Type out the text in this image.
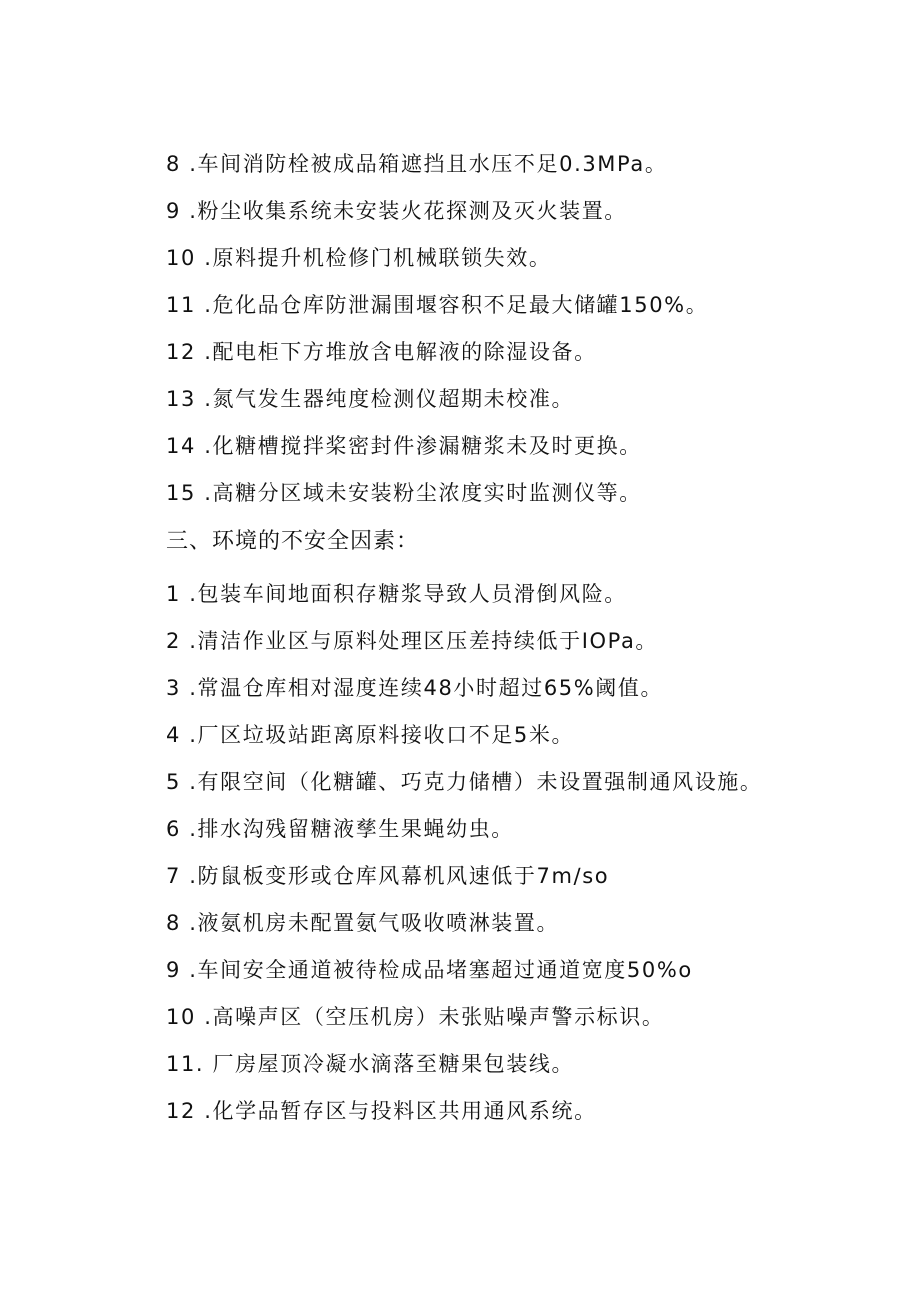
8 .车间消防栓被成品箱遮挡且水压不足0.3MPa。
9 .粉尘收集系统未安装火花探测及灭火装置。
10 .原料提升机检修门机械联锁失效。
11 .危化品仓库防泄漏围堰容积不足最大储罐150%。
12 .配电柜下方堆放含电解液的除湿设备。
13 .氮气发生器纯度检测仪超期未校准。
14 .化糖槽搅拌桨密封件渗漏糖浆未及时更换。
15 .高糖分区域未安装粉尘浓度实时监测仪等。
三、环境的不安全因素：
1 .包装车间地面积存糖浆导致人员滑倒风险。
2 .清洁作业区与原料处理区压差持续低于IOPa。
3 .常温仓库相对湿度连续48小时超过65%阈值。
4 .厂区垃圾站距离原料接收口不足5米。
5 .有限空间（化糖罐、巧克力储槽）未设置强制通风设施。
6 .排水沟残留糖液孳生果蝇幼虫。
7 .防鼠板变形或仓库风幕机风速低于7m∕so
8 .液氨机房未配置氨气吸收喷淋装置。
9 .车间安全通道被待检成品堵塞超过通道宽度50%o
10 .高噪声区（空压机房）未张贴噪声警示标识。
11. 厂房屋顶冷凝水滴落至糖果包装线。
12 .化学品暂存区与投料区共用通风系统。
